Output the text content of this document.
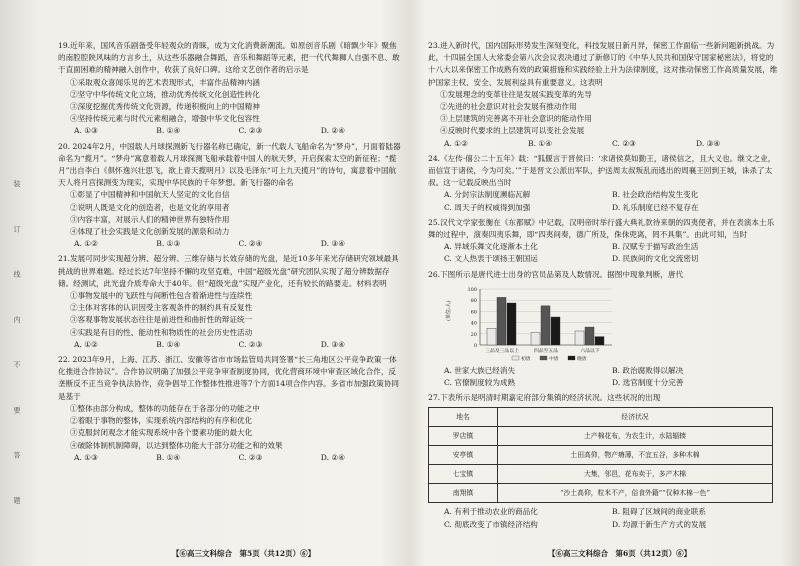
装 订 线 内 不 要 答 题
19.近年来，国风音乐剧备受年轻观众的青睐，成为文化消费新潮流。如原创音乐剧《暗飘少年》聚焦的南腔腔陕风味的方言乡土，从这些乐器融合舞蹈，音乐和舞蹈等元素，把一代代舞狮人自强不息、敢于直面困难的精神融入创作中，收获了良好口碑。这给文艺创作者的启示是
①采取观众喜闻乐见的艺术表现形式，丰富作品精神内涵
②坚守中华传统文化立场，推动优秀传统文化创造性转化
③深度挖掘优秀传统文化资源，传递积极向上的中国精神
④坚持传统元素与时代元素相融合，增强中华文化包容性
A. ①③	B. ①④	C. ②③	D. ②④
20. 2024年2月，中国载人月球探测新飞行器名称已确定，新一代载人飞船命名为“梦舟”，月面着陆器命名为“揽月”。“梦舟”寓意着载人月球探测飞船承载着中国人的航天梦，开启探索太空的新征程；“揽月”出自李白《俱怀逸兴壮思飞，欲上青天揽明月》以及毛泽东“可上九天揽月”的诗句，寓意着中国航天人将月宫探测变为现实，实现中华民族的千年梦想。新飞行器的命名
①彰显了中国精神和中国航天人坚定的文化自信
②说明人既是文化的创造者，也是文化的享用者
③内容丰富，对展示人们的精神世界有独特作用
④体现了社会实践是文化创新发展的源泉和动力
A. ①②	B. ①③	C. ②④	D. ③④
21.发展可同步实现超分辨、超分辨、三维存储与长效存储的光盘，是近10多年来光存储研究领域最具挑战的世界难题。经过长达7年坚持不懈的攻坚克难，中国“超级光盘”研究团队实现了超分辨数据存储。经测试，此光盘介质寿命大于40年。但“超级光盘”实现产业化，还有较长的路要走。材料表明
①事物发展中的飞跃性与间断性包含着渐进性与连续性
②主体对客体的认识因受主客观条件的制约具有反复性
③客观事物发展状态往往是前进性和曲折性的辩证统一
④实践是有目的性、能动性和物质性的社会历史性活动
A. ①②	B. ①④	C. ②③	D. ③④
22. 2023年9月，上海、江苏、浙江、安徽等省市市场监管局共同签署“长三角地区公平竞争政策一体化推进合作协议”。合作协议明确了加强公平竞争审查制度协同，优化营商环境中审查区域化合作，反垄断反不正当竞争执法协作，竞争倡导工作整体性推进等7个方面14项合作内容。多省市加强政策协同是基于
①整体由部分构成，整体的功能存在于各部分的功能之中
②着眼于事物的整体，实现系统内部结构的有序和优化
③克服封闭观念才能实现系统中各个要素功能的最大化
④破除体制机制障碍，以达到整体功能大于部分功能之和的效果
A. ①③	B. ①④	C. ②③	D. ②④
23.进入新时代，国内国际形势发生深刻变化，科技发展日新月异，保密工作面临一些新问题新挑战。为此，十四届全国人大常委会第八次会议表决通过了新修订的《中华人民共和国保守国家秘密法》，将党的十八大以来保密工作成熟有效的政策措施和实践经验上升为法律制度，这对推动保密工作高质量发展，维护国家主权、安全、发展利益具有重要意义。这表明
①发展理念的变革往往是发展实践变革的先导
②先进的社会意识对社会发展有推动作用
③上层建筑的完善离不开社会意识的能动作用
④反映时代要求的上层建筑可以变社会发展
A. ①②	B. ①④	C. ②③	D. ③④
24.《左传·僖公二十五年》载：“狐偃言于晋侯曰：‘求诸侯莫如勤王，诸侯信之，且大义也。继文之业，而信宣于诸侯，今为可矣。’”于是晋文公派出军队，护送周太叔叛乱而逃出的周襄王回到王城，诛杀了太叔。这一记载反映出当时
A. 分封宗法制度濒临瓦解	B. 社会政治结构发生变化
C. 周天子的权威得到加强	D. 礼乐制度已经不复存在
25.汉代文学家张衡在《东都赋》中记载，汉明帝时举行盛大典礼款待来朝的四夷使者，并在表演本土乐舞的过程中，演奏四夷乐舞，即“四夷间奏，德广所及，侏佅兜离，罔不具集”。由此可知，当时
A. 异域乐舞文化逐渐本土化	B. 汉赋专于描写政治生活
C. 文人热衷于颂扬王朝国运	D. 民族间的文化交流密切
26.下图所示是唐代进士出身的官员品第及人数情况。据图中现象判断，唐代
(单位:人)
0
20
40
60
80
100
三品及三品以上	四品至五品	六品以下
初唐	中唐	晚唐
A. 世家大族已经消失	B. 政治腐败得以解决
C. 官僚制度较为成熟	D. 选官制度十分完善
27.下表所示是明清时期嘉定府部分集镇的经济状况。这些状况的出现
地名	经济状况
罗店镇	土产棉花布，为农生计，水陆辐辏
安亭镇	土田高仰，物产瘠薄，不宜五谷，多种木棉
七宝镇	大集，邻邑，花布卖于，多产木棉
南翔镇	“沙土高仰，粒米不产，俗食外籍”“仅种木棉一色”
A. 有利于推动农业的商品化	B. 阻碍了区域间的商业联系
C. 彻底改变了市镇经济结构	D. 均源于新生产方式的发展
【⑥高三文科综合　第5页（共12页）⑥】	【⑥高三文科综合　第6页（共12页）⑥】
